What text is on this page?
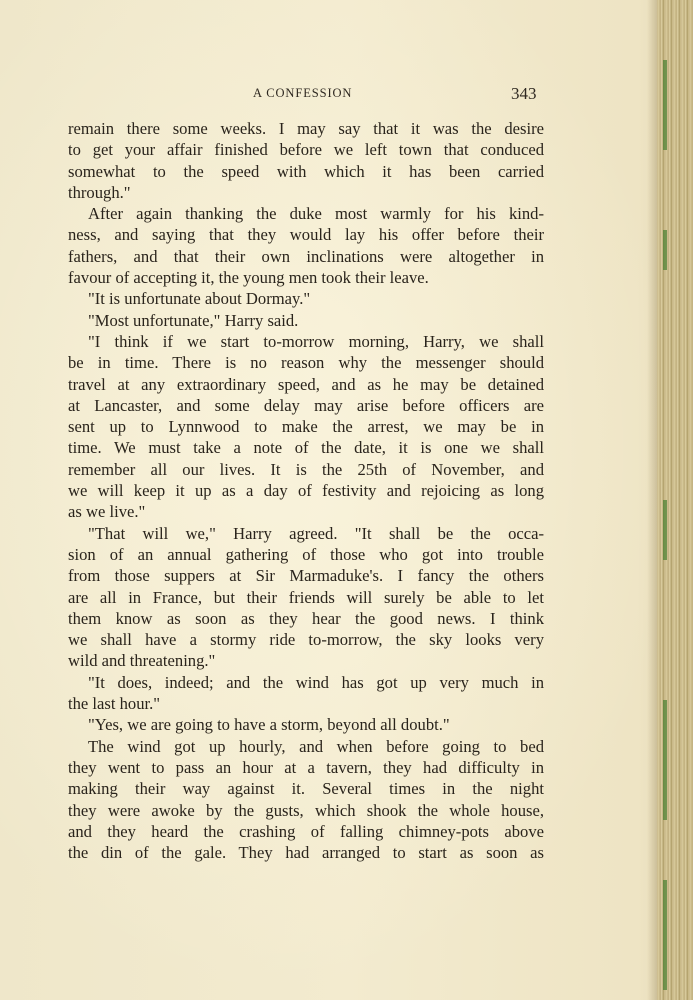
A CONFESSION	343
remain there some weeks. I may say that it was the desire
to get your affair finished before we left town that conduced
somewhat to the speed with which it has been carried
through."
After again thanking the duke most warmly for his kind-
ness, and saying that they would lay his offer before their
fathers, and that their own inclinations were altogether in
favour of accepting it, the young men took their leave.
"It is unfortunate about Dormay."
"Most unfortunate," Harry said.
"I think if we start to-morrow morning, Harry, we shall
be in time. There is no reason why the messenger should
travel at any extraordinary speed, and as he may be detained
at Lancaster, and some delay may arise before officers are
sent up to Lynnwood to make the arrest, we may be in
time. We must take a note of the date, it is one we shall
remember all our lives. It is the 25th of November, and
we will keep it up as a day of festivity and rejoicing as long
as we live."
"That will we," Harry agreed. "It shall be the occa-
sion of an annual gathering of those who got into trouble
from those suppers at Sir Marmaduke's. I fancy the others
are all in France, but their friends will surely be able to let
them know as soon as they hear the good news. I think
we shall have a stormy ride to-morrow, the sky looks very
wild and threatening."
"It does, indeed; and the wind has got up very much in
the last hour."
"Yes, we are going to have a storm, beyond all doubt."
The wind got up hourly, and when before going to bed
they went to pass an hour at a tavern, they had difficulty in
making their way against it. Several times in the night
they were awoke by the gusts, which shook the whole house,
and they heard the crashing of falling chimney-pots above
the din of the gale. They had arranged to start as soon as
